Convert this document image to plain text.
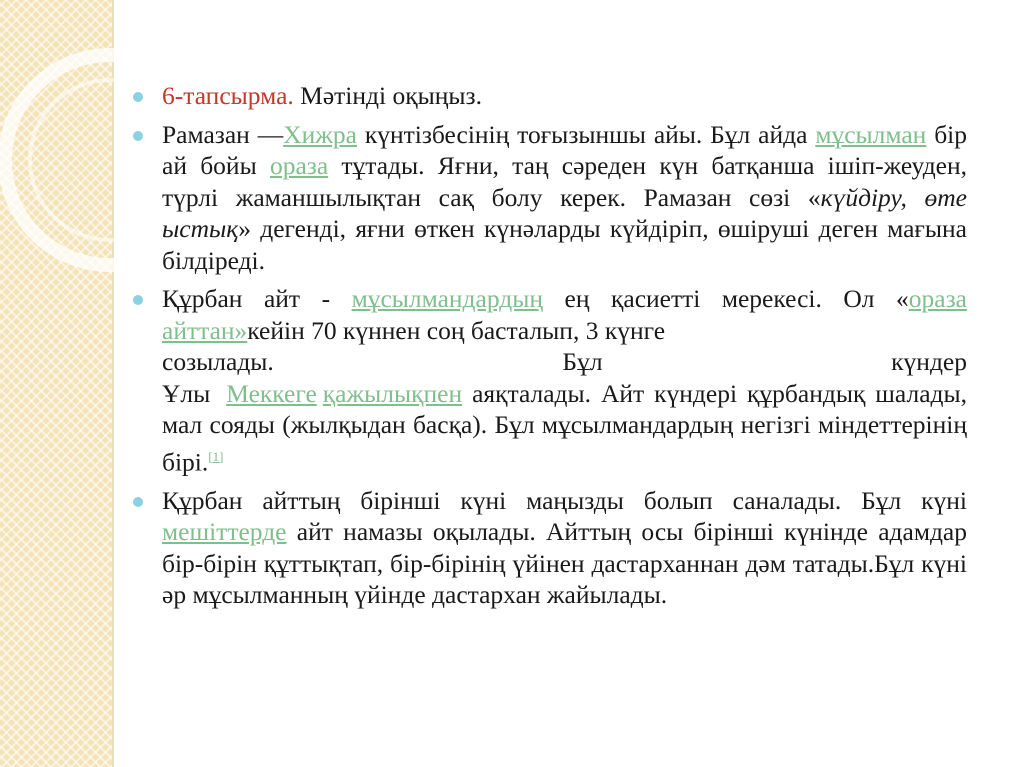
6-тапсырма. Мәтінді оқыңыз.
Рамазан —Хижра күнтізбесінің тоғызыншы айы. Бұл айда мұсылман бір ай бойы ораза тұтады. Яғни, таң сәреден күн батқанша ішіп-жеуден, түрлі жаманшылықтан сақ болу керек. Рамазан сөзі «күйдіру, өте ыстық» дегенді, яғни өткен күнәларды күйдіріп, өшіруші деген мағына білдіреді.
Құрбан айт - мұсылмандардың ең қасиетті мерекесі. Ол «ораза айттан»кейін 70 күннен соң басталып, 3 күнге
созылады.	Бұл	күндер
Ұлы Меккеге қажылықпен аяқталады. Айт күндері құрбандық шалады, мал сояды (жылқыдан басқа). Бұл мұсылмандардың негізгі міндеттерінің бірі.[1]
Құрбан айттың бірінші күні маңызды болып саналады. Бұл күні мешіттерде айт намазы оқылады. Айттың осы бірінші күнінде адамдар бір-бірін құттықтап, бір-бірінің үйінен дастарханнан дәм татады.Бұл күні әр мұсылманның үйінде дастархан жайылады.
